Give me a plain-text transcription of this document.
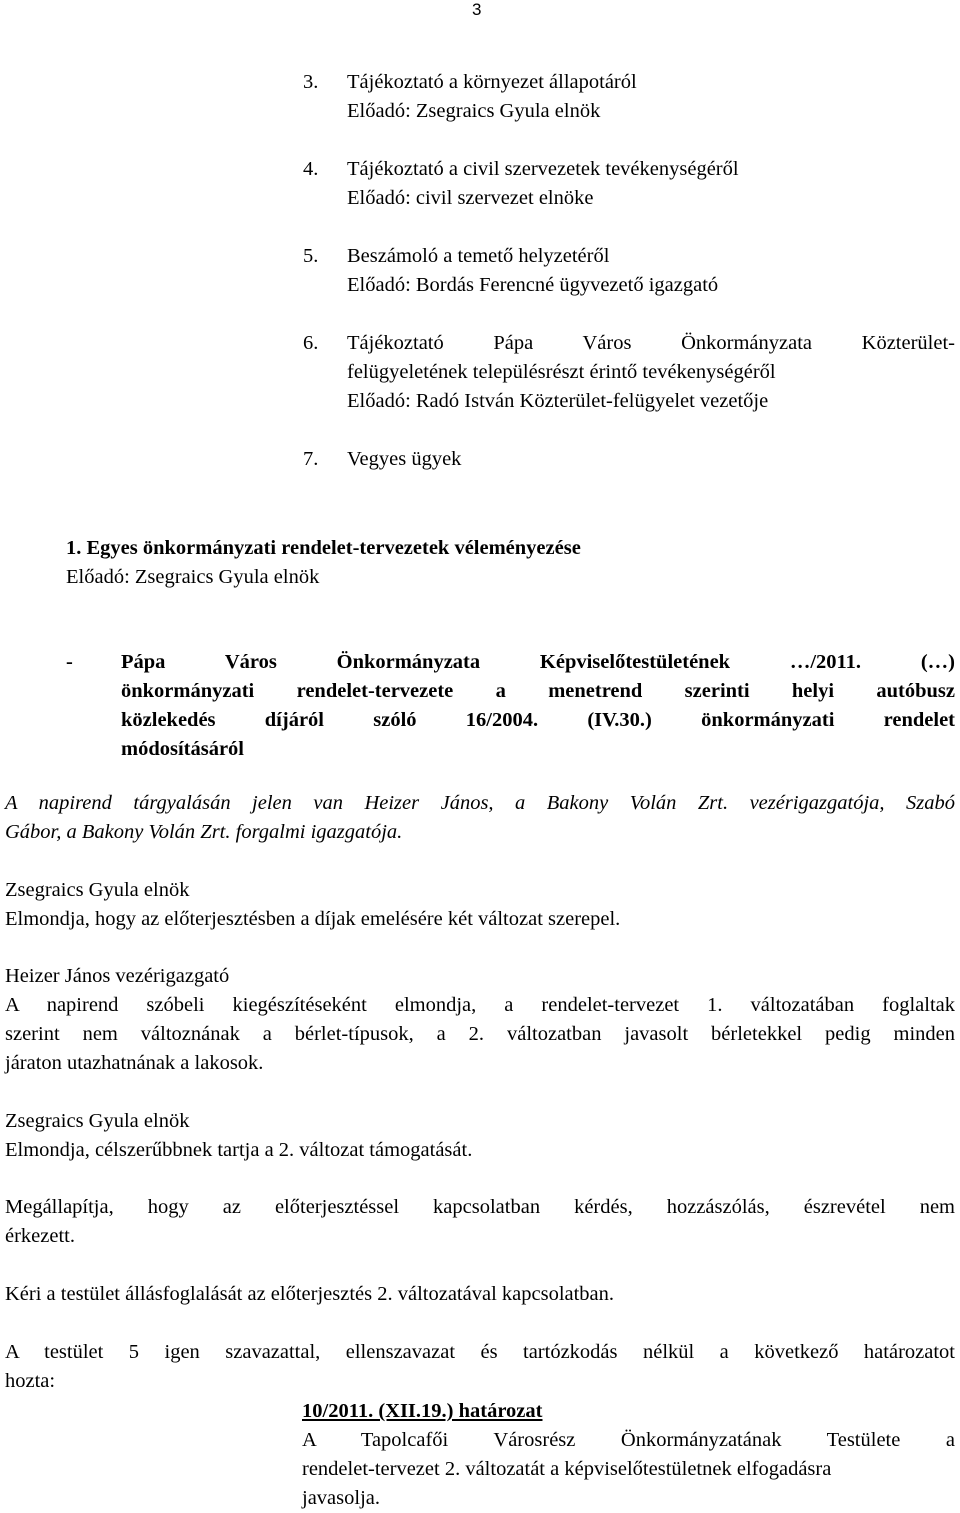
3
3. Tájékoztató a környezet állapotáról
Előadó: Zsegraics Gyula elnök
4. Tájékoztató a civil szervezetek tevékenységéről
Előadó: civil szervezet elnöke
5. Beszámoló a temető helyzetéről
Előadó: Bordás Ferencné ügyvezető igazgató
6. Tájékoztató Pápa Város Önkormányzata Közterület-
felügyeletének településrészt érintő tevékenységéről
Előadó: Radó István Közterület-felügyelet vezetője
7. Vegyes ügyek
1. Egyes önkormányzati rendelet-tervezetek véleményezése
Előadó: Zsegraics Gyula elnök
- Pápa Város Önkormányzata Képviselőtestületének …/2011. (…)
önkormányzati rendelet-tervezete a menetrend szerinti helyi autóbusz
közlekedés díjáról szóló 16/2004. (IV.30.) önkormányzati rendelet
módosításáról
A napirend tárgyalásán jelen van Heizer János, a Bakony Volán Zrt. vezérigazgatója, Szabó
Gábor, a Bakony Volán Zrt. forgalmi igazgatója.
Zsegraics Gyula elnök
Elmondja, hogy az előterjesztésben a díjak emelésére két változat szerepel.
Heizer János vezérigazgató
A napirend szóbeli kiegészítéseként elmondja, a rendelet-tervezet 1. változatában foglaltak
szerint nem változnának a bérlet-típusok, a 2. változatban javasolt bérletekkel pedig minden
járaton utazhatnának a lakosok.
Zsegraics Gyula elnök
Elmondja, célszerűbbnek tartja a 2. változat támogatását.
Megállapítja, hogy az előterjesztéssel kapcsolatban kérdés, hozzászólás, észrevétel nem
érkezett.
Kéri a testület állásfoglalását az előterjesztés 2. változatával kapcsolatban.
A testület 5 igen szavazattal, ellenszavazat és tartózkodás nélkül a következő határozatot
hozta:
10/2011. (XII.19.) határozat
A Tapolcafői Városrész Önkormányzatának Testülete a
rendelet-tervezet 2. változatát a képviselőtestületnek elfogadásra
javasolja.
